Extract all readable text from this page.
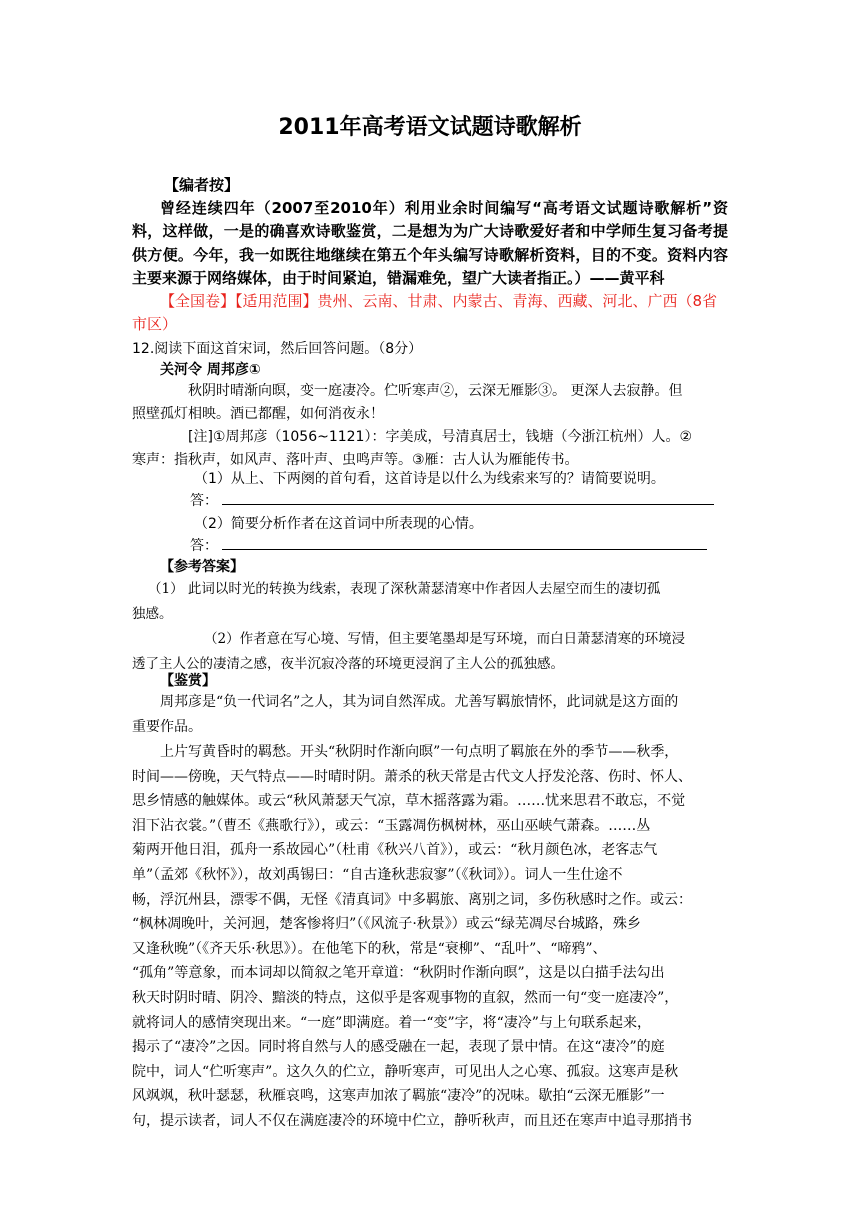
2011年高考语文试题诗歌解析

【编者按】

曾经连续四年（2007至2010年）利用业余时间编写“高考语文试题诗歌解析”资料，这样做，一是的确喜欢诗歌鉴赏，二是想为为广大诗歌爱好者和中学师生复习备考提供方便。今年，我一如既往地继续在第五个年头编写诗歌解析资料，目的不变。资料内容主要来源于网络媒体，由于时间紧迫，错漏难免，望广大读者指正。）——黄平科

【全国卷】【适用范围】贵州、云南、甘肃、内蒙古、青海、西藏、河北、广西（8省

市区）

12.阅读下面这首宋词，然后回答问题。（8分）
关河令 周邦彦①

秋阴时晴渐向暝，变一庭凄冷。伫听寒声②，云深无雁影③。 更深人去寂静。但

照壁孤灯相映。酒已都醒，如何消夜永！

[注]①周邦彦（1056~1121）：字美成，号清真居士，钱塘（今浙江杭州）人。②

寒声：指秋声，如风声、落叶声、虫鸣声等。③雁：古人认为雁能传书。

（1）从上、下两阕的首句看，这首诗是以什么为线索来写的？请简要说明。
答：
（2）简要分析作者在这首词中所表现的心情。
答：
【参考答案】

（1） 此词以时光的转换为线索，表现了深秋萧瑟清寒中作者因人去屋空而生的凄切孤

独感。

（2）作者意在写心境、写情，但主要笔墨却是写环境，而白日萧瑟清寒的环境浸

透了主人公的凄清之感，夜半沉寂冷落的环境更浸润了主人公的孤独感。

【鉴赏】

周邦彦是“负一代词名”之人，其为词自然浑成。尤善写羁旅情怀，此词就是这方面的

重要作品。

上片写黄昏时的羁愁。开头“秋阴时作渐向暝”一句点明了羁旅在外的季节——秋季，

时间——傍晚，天气特点——时晴时阴。萧杀的秋天常是古代文人抒发沦落、伤时、怀人、

思乡情感的触媒体。或云“秋风萧瑟天气凉，草木摇落露为霜。……忧来思君不敢忘，不觉

泪下沾衣裳。”（曹丕《燕歌行》），或云：“玉露凋伤枫树林，巫山巫峡气萧森。……丛

菊两开他日泪，孤舟一系故园心”（杜甫《秋兴八首》），或云：“秋月颜色冰，老客志气

单”（孟郊《秋怀》），故刘禹锡曰：“自古逢秋悲寂寥”（《秋词》）。词人一生仕途不

畅，浮沉州县，漂零不偶，无怪《清真词》中多羁旅、离别之词，多伤秋感时之作。或云：

“枫林凋晚叶，关河迥，楚客惨将归”（《风流子·秋景》）或云“绿芜凋尽台城路，殊乡

又逢秋晚”（《齐天乐·秋思》）。在他笔下的秋，常是“衰柳”、“乱叶”、“啼鸦”、

“孤角”等意象，而本词却以简叙之笔开章道：“秋阴时作渐向暝”，这是以白描手法勾出

秋天时阴时晴、阴冷、黯淡的特点，这似乎是客观事物的直叙，然而一句“变一庭凄冷”，

就将词人的感情突现出来。“一庭”即满庭。着一“变”字，将“凄冷”与上句联系起来，

揭示了“凄冷”之因。同时将自然与人的感受融在一起，表现了景中情。在这“凄冷”的庭

院中，词人“伫听寒声”。这久久的伫立，静听寒声，可见出人之心寒、孤寂。这寒声是秋

风飒飒，秋叶瑟瑟，秋雁哀鸣，这寒声加浓了羁旅“凄冷”的况味。歇拍“云深无雁影”一

句，提示读者，词人不仅在满庭凄冷的环境中伫立，静听秋声，而且还在寒声中追寻那捎书
